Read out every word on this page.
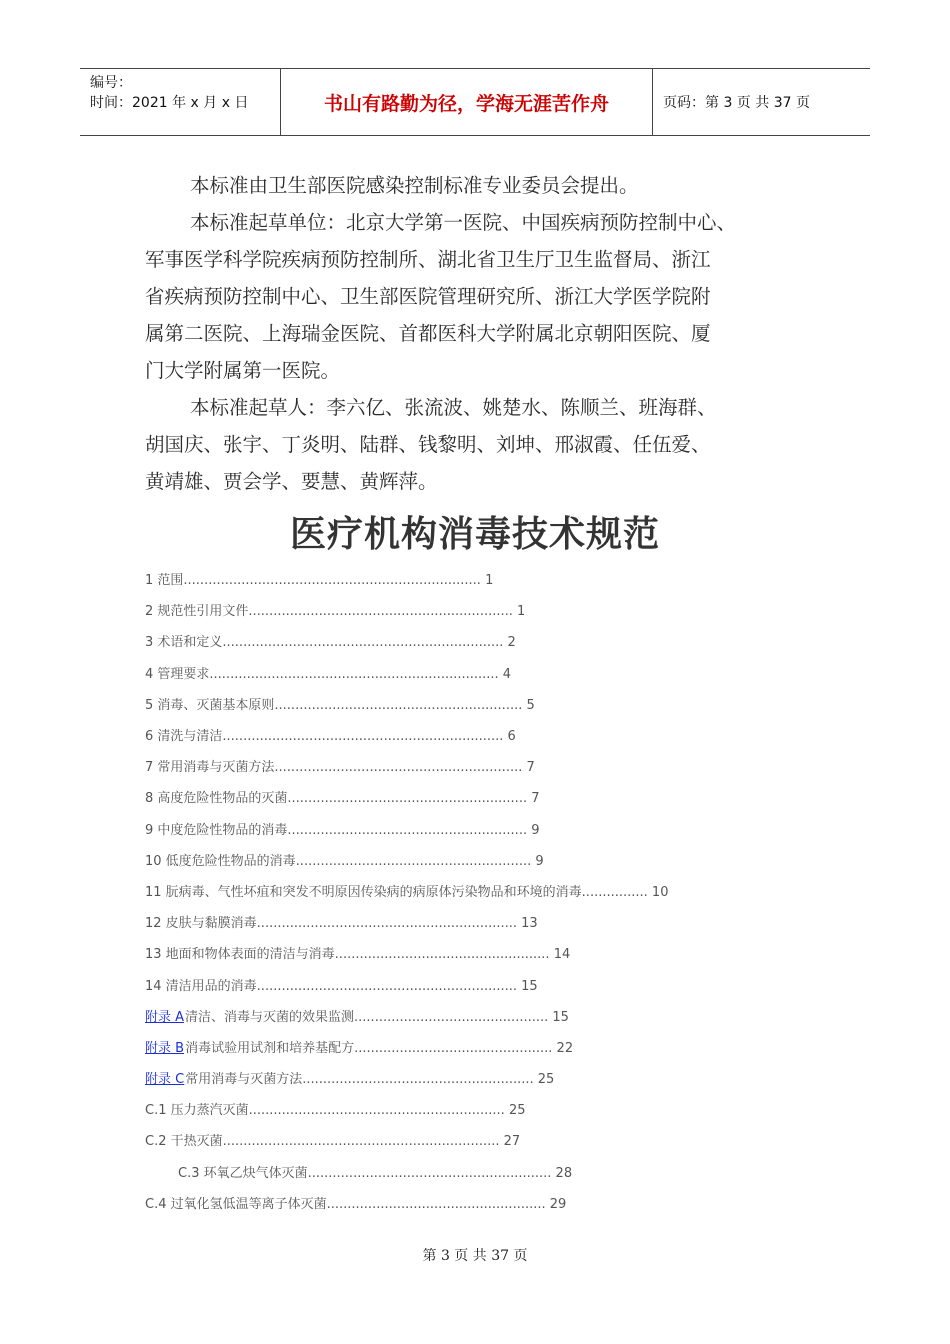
编号：
时间：2021 年 x 月 x 日	书山有路勤为径，学海无涯苦作舟	页码：第 3 页 共 37 页
本标准由卫生部医院感染控制标准专业委员会提出。
本标准起草单位：北京大学第一医院、中国疾病预防控制中心、
军事医学科学院疾病预防控制所、湖北省卫生厅卫生监督局、浙江
省疾病预防控制中心、卫生部医院管理研究所、浙江大学医学院附
属第二医院、上海瑞金医院、首都医科大学附属北京朝阳医院、厦
门大学附属第一医院。
本标准起草人：李六亿、张流波、姚楚水、陈顺兰、班海群、
胡国庆、张宇、丁炎明、陆群、钱黎明、刘坤、邢淑霞、任伍爱、
黄靖雄、贾会学、要慧、黄辉萍。
医疗机构消毒技术规范
1 范围........................................................................ 1
2 规范性引用文件................................................................ 1
3 术语和定义.................................................................... 2
4 管理要求...................................................................... 4
5 消毒、灭菌基本原则............................................................ 5
6 清洗与清洁.................................................................... 6
7 常用消毒与灭菌方法............................................................ 7
8 高度危险性物品的灭菌.......................................................... 7
9 中度危险性物品的消毒.......................................................... 9
10 低度危险性物品的消毒......................................................... 9
11 朊病毒、气性坏疽和突发不明原因传染病的病原体污染物品和环境的消毒................ 10
12 皮肤与黏膜消毒............................................................... 13
13 地面和物体表面的清洁与消毒.................................................... 14
14 清洁用品的消毒............................................................... 15
附录 A 清洁、消毒与灭菌的效果监测............................................... 15
附录 B 消毒试验用试剂和培养基配方................................................ 22
附录 C 常用消毒与灭菌方法........................................................ 25
C.1 压力蒸汽灭菌.............................................................. 25
C.2 干热灭菌................................................................... 27
C.3 环氧乙炔气体灭菌........................................................... 28
C.4 过氧化氢低温等离子体灭菌..................................................... 29
第 3 页 共 37 页
